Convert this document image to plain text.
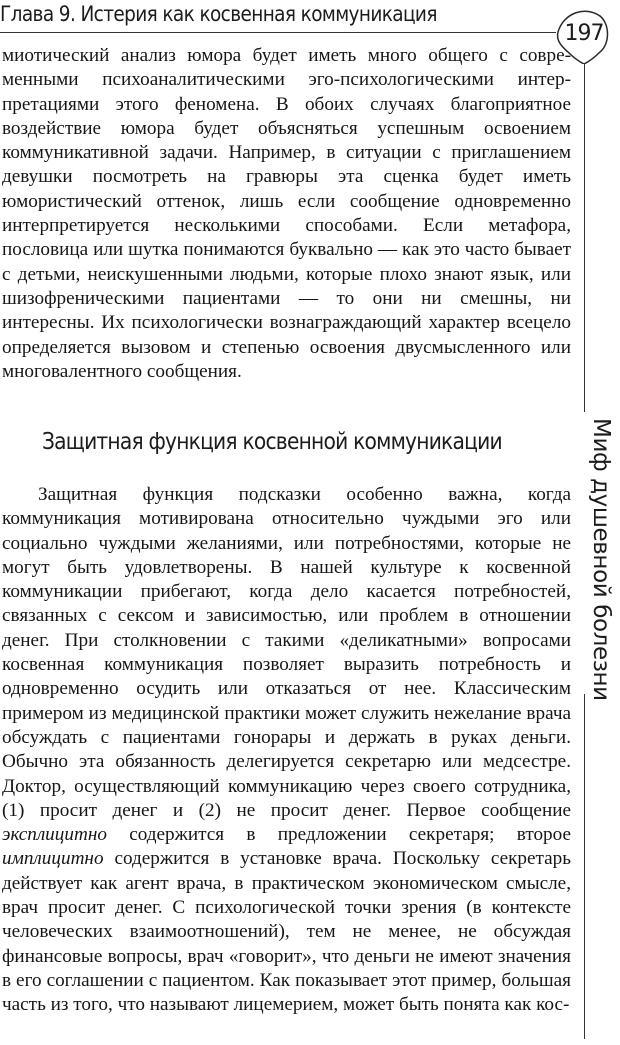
Глава 9. Истерия как косвенная коммуникация
197
Миф душевной болезни

миотический анализ юмора будет иметь много общего с современными психоаналитическими эго-психологическими интерпретациями этого феномена. В обоих случаях благоприятное воздействие юмора будет объясняться успешным освоением коммуникативной задачи. Например, в ситуации с приглашением девушки посмотреть на гравюры эта сценка будет иметь юмористический оттенок, лишь если сообщение одновременно интерпретируется несколькими способами. Если метафора, пословица или шутка понимаются буквально — как это часто бывает с детьми, неискушенными людьми, которые плохо знают язык, или шизофреническими пациентами — то они ни смешны, ни интересны. Их психологически вознаграждающий характер всецело определяется вызовом и степенью освоения двусмысленного или многовалентного сообщения.

Защитная функция косвенной коммуникации

Защитная функция подсказки особенно важна, когда коммуникация мотивирована относительно чуждыми эго или социально чуждыми желаниями, или потребностями, которые не могут быть удовлетворены. В нашей культуре к косвенной коммуникации прибегают, когда дело касается потребностей, связанных с сексом и зависимостью, или проблем в отношении денег. При столкновении с такими «деликатными» вопросами косвенная коммуникация позволяет выразить потребность и одновременно осудить или отказаться от нее. Классическим примером из медицинской практики может служить нежелание врача обсуждать с пациентами гонорары и держать в руках деньги. Обычно эта обязанность делегируется секретарю или медсестре. Доктор, осуществляющий коммуникацию через своего сотрудника, (1) просит денег и (2) не просит денег. Первое сообщение эксплицитно содержится в предложении секретаря; второе имплицитно содержится в установке врача. Поскольку секретарь действует как агент врача, в практическом экономическом смысле, врач просит денег. С психологической точки зрения (в контексте человеческих взаимоотношений), тем не менее, не обсуждая финансовые вопросы, врач «говорит», что деньги не имеют значения в его соглашении с пациентом. Как показывает этот пример, большая часть из того, что называют лицемерием, может быть понята как кос-
